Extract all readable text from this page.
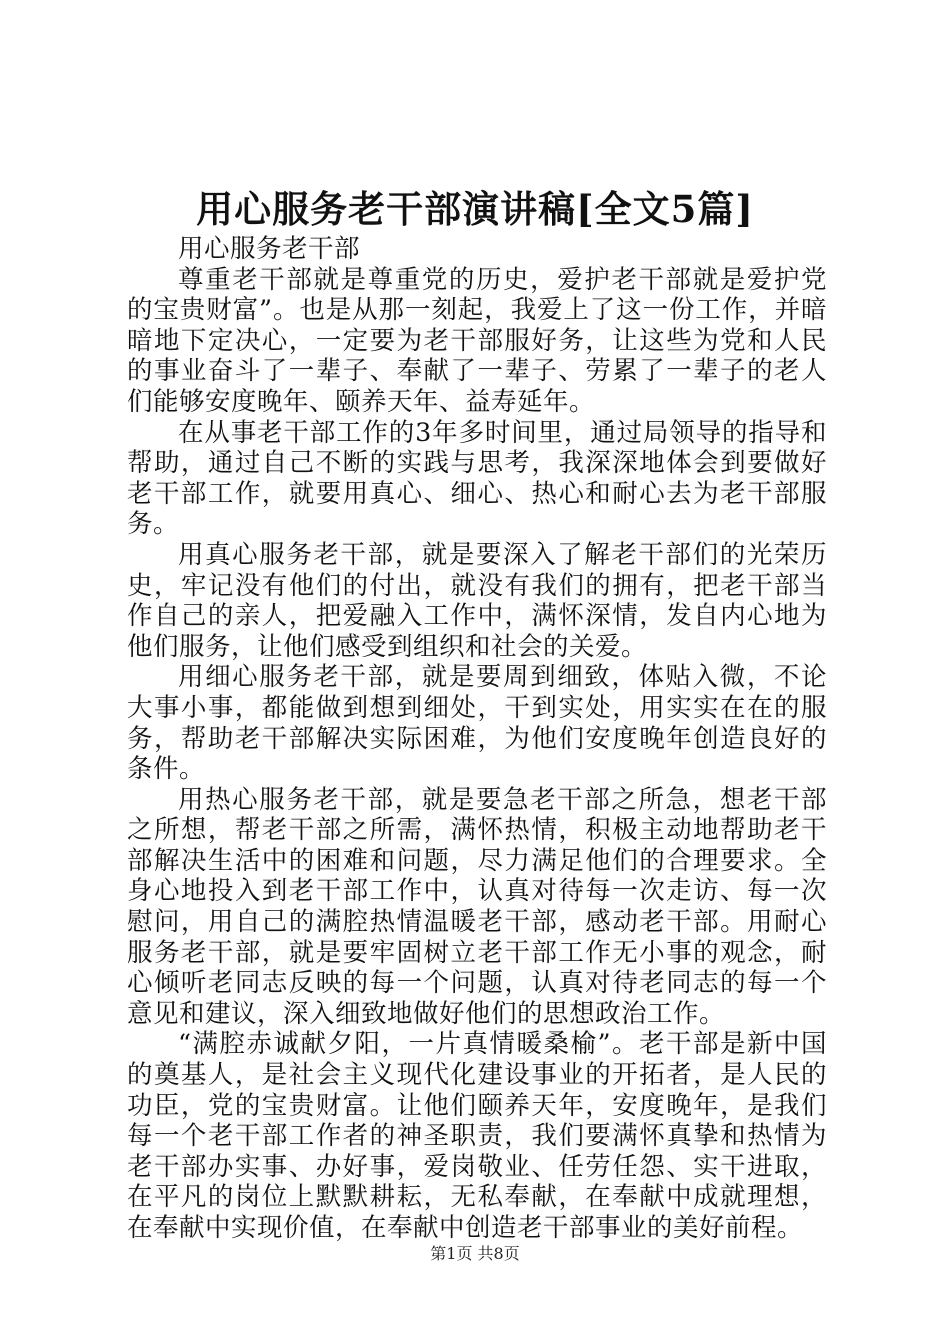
用心服务老干部演讲稿[全文5篇]

用心服务老干部

尊重老干部就是尊重党的历史，爱护老干部就是爱护党的宝贵财富”。也是从那一刻起，我爱上了这一份工作，并暗暗地下定决心，一定要为老干部服好务，让这些为党和人民的事业奋斗了一辈子、奉献了一辈子、劳累了一辈子的老人们能够安度晚年、颐养天年、益寿延年。

在从事老干部工作的3年多时间里，通过局领导的指导和帮助，通过自己不断的实践与思考，我深深地体会到要做好老干部工作，就要用真心、细心、热心和耐心去为老干部服务。

用真心服务老干部，就是要深入了解老干部们的光荣历史，牢记没有他们的付出，就没有我们的拥有，把老干部当作自己的亲人，把爱融入工作中，满怀深情，发自内心地为他们服务，让他们感受到组织和社会的关爱。

用细心服务老干部，就是要周到细致，体贴入微，不论大事小事，都能做到想到细处，干到实处，用实实在在的服务，帮助老干部解决实际困难，为他们安度晚年创造良好的条件。

用热心服务老干部，就是要急老干部之所急，想老干部之所想，帮老干部之所需，满怀热情，积极主动地帮助老干部解决生活中的困难和问题，尽力满足他们的合理要求。全身心地投入到老干部工作中，认真对待每一次走访、每一次慰问，用自己的满腔热情温暖老干部，感动老干部。用耐心服务老干部，就是要牢固树立老干部工作无小事的观念，耐心倾听老同志反映的每一个问题，认真对待老同志的每一个意见和建议，深入细致地做好他们的思想政治工作。

“满腔赤诚献夕阳，一片真情暖桑榆”。老干部是新中国的奠基人，是社会主义现代化建设事业的开拓者，是人民的功臣，党的宝贵财富。让他们颐养天年，安度晚年，是我们每一个老干部工作者的神圣职责，我们要满怀真挚和热情为老干部办实事、办好事，爱岗敬业、任劳任怨、实干进取，在平凡的岗位上默默耕耘，无私奉献，在奉献中成就理想，在奉献中实现价值，在奉献中创造老干部事业的美好前程。

第1页 共8页
